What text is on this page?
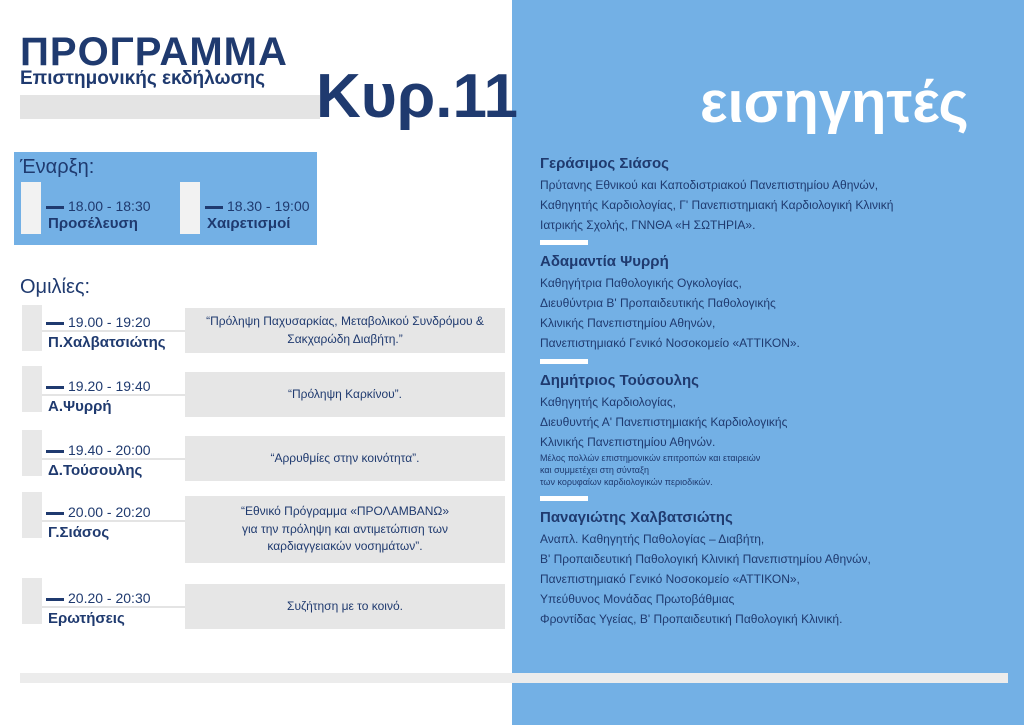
ΠΡΟΓΡΑΜΜΑ
Επιστημονικής εκδήλωσης Κυρ.11	εισηγητές
Έναρξη:
18.00 - 18:30
Προσέλευση
18.30 - 19:00
Χαιρετισμοί
Ομιλίες:
19.00 - 19:20
Π.Χαλβατσιώτης
“Πρόληψη Παχυσαρκίας, Μεταβολικού Συνδρόμου &
Σακχαρώδη Διαβήτη.”
19.20 - 19:40
Α.Ψυρρή
“Πρόληψη Καρκίνου”.
19.40 - 20:00
Δ.Τούσουλης
“Αρρυθμίες στην κοινότητα”.
20.00 - 20:20
Γ.Σιάσος
“Εθνικό Πρόγραμμα «ΠΡΟΛΑΜΒΑΝΩ»
για την πρόληψη και αντιμετώπιση των
καρδιαγγειακών νοσημάτων”.
20.20 - 20:30
Ερωτήσεις
Συζήτηση με το κοινό.
Γεράσιμος Σιάσος
Πρύτανης Εθνικού και Καποδιστριακού Πανεπιστημίου Αθηνών,
Καθηγητής Καρδιολογίας, Γ' Πανεπιστημιακή Καρδιολογική Κλινική
Ιατρικής Σχολής, ΓΝΝΘΑ «Η ΣΩΤΗΡΙΑ».
Αδαμαντία Ψυρρή
Καθηγήτρια Παθολογικής Ογκολογίας,
Διευθύντρια Β' Προπαιδευτικής Παθολογικής
Κλινικής Πανεπιστημίου Αθηνών,
Πανεπιστημιακό Γενικό Νοσοκομείο «ΑΤΤΙΚΟΝ».
Δημήτριος Τούσουλης
Καθηγητής Καρδιολογίας,
Διευθυντής Α' Πανεπιστημιακής Καρδιολογικής
Κλινικής Πανεπιστημίου Αθηνών.
Μέλος πολλών επιστημονικών επιτροπών και εταιρειών
και συμμετέχει στη σύνταξη
των κορυφαίων καρδιολογικών περιοδικών.
Παναγιώτης Χαλβατσιώτης
Αναπλ. Καθηγητής Παθολογίας – Διαβήτη,
Β' Προπαιδευτική Παθολογική Κλινική Πανεπιστημίου Αθηνών,
Πανεπιστημιακό Γενικό Νοσοκομείο «ΑΤΤΙΚΟΝ»,
Υπεύθυνος Μονάδας Πρωτοβάθμιας
Φροντίδας Υγείας, Β' Προπαιδευτική Παθολογική Κλινική.
